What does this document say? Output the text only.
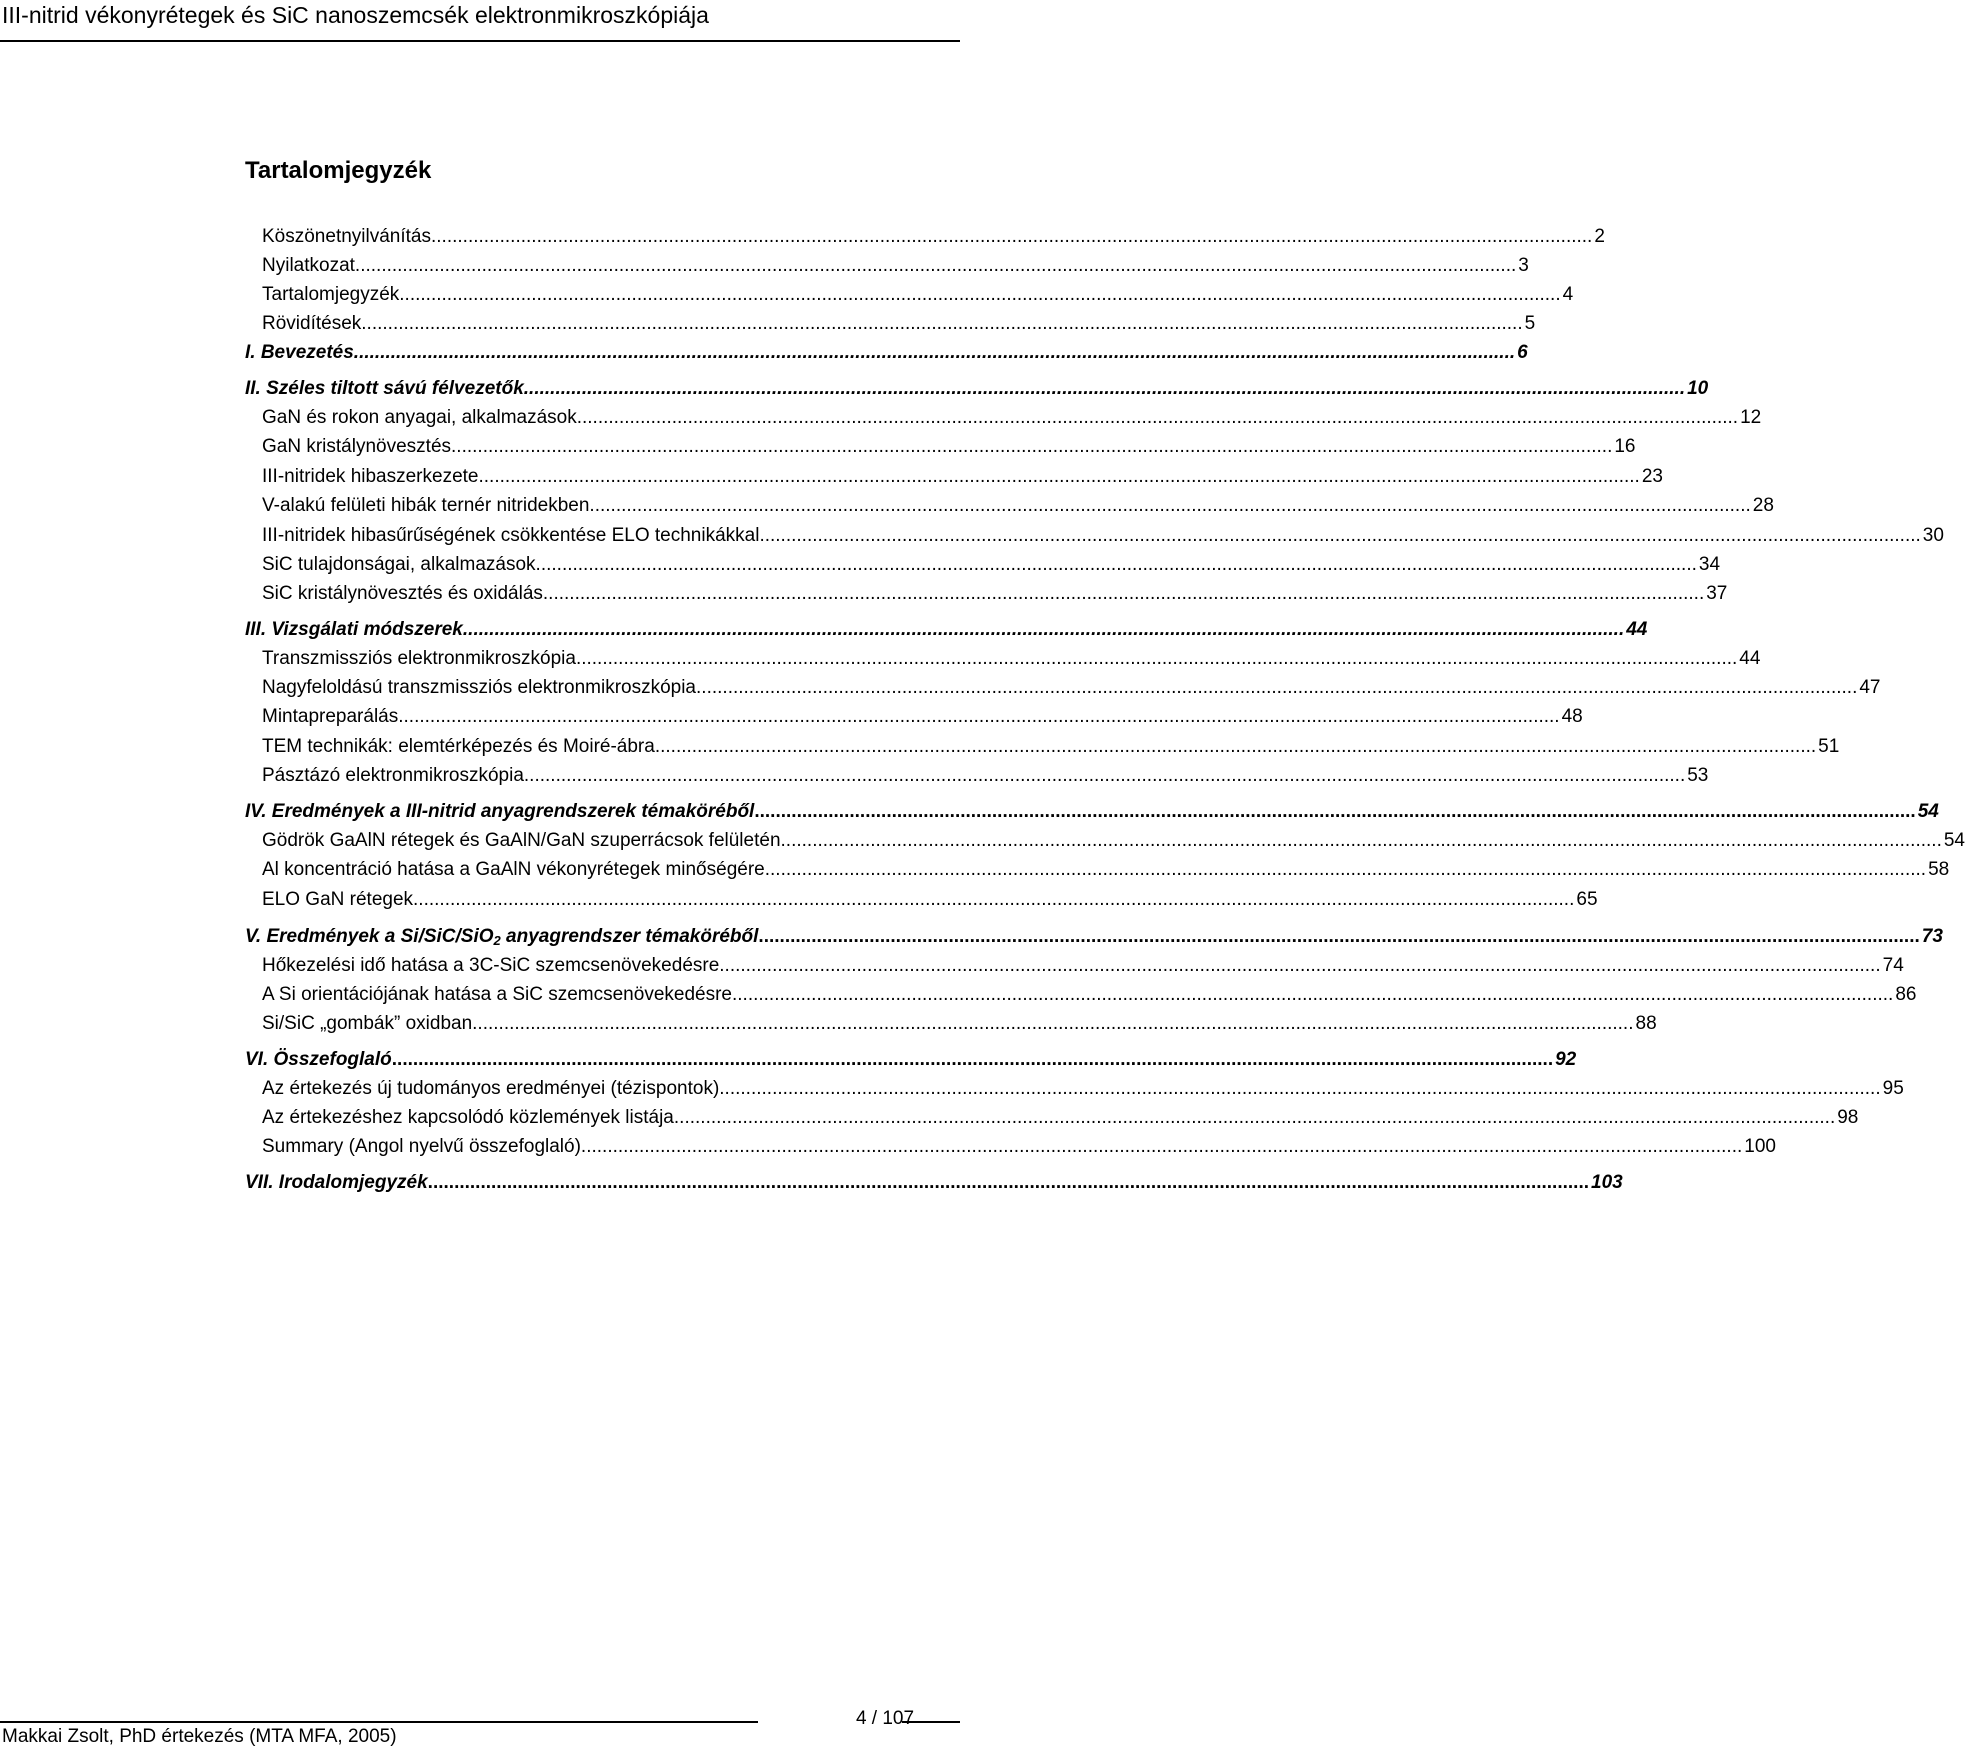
III-nitrid vékonyrétegek és SiC nanoszemcsék elektronmikroszkópiája
Tartalomjegyzék
Köszönetnyilvánítás ............................................................................................................................................................................................................................ 2
Nyilatkozat ............................................................................................................................................................................................................................ 3
Tartalomjegyzék ............................................................................................................................................................................................................................ 4
Rövidítések ............................................................................................................................................................................................................................ 5
I. Bevezetés ............................................................................................................................................................................................................................ 6
II. Széles tiltott sávú félvezetők ............................................................................................................................................................................................................................ 10
GaN és rokon anyagai, alkalmazások ............................................................................................................................................................................................................................ 12
GaN kristálynövesztés ............................................................................................................................................................................................................................ 16
III-nitridek hibaszerkezete ............................................................................................................................................................................................................................ 23
V-alakú felületi hibák ternér nitridekben ............................................................................................................................................................................................................................ 28
III-nitridek hibasűrűségének csökkentése ELO technikákkal ............................................................................................................................................................................................................................ 30
SiC tulajdonságai, alkalmazások ............................................................................................................................................................................................................................ 34
SiC kristálynövesztés és oxidálás ............................................................................................................................................................................................................................ 37
III. Vizsgálati módszerek ............................................................................................................................................................................................................................ 44
Transzmissziós elektronmikroszkópia ............................................................................................................................................................................................................................ 44
Nagyfeloldású transzmissziós elektronmikroszkópia ............................................................................................................................................................................................................................ 47
Mintapreparálás ............................................................................................................................................................................................................................ 48
TEM technikák: elemtérképezés és Moiré-ábra ............................................................................................................................................................................................................................ 51
Pásztázó elektronmikroszkópia ............................................................................................................................................................................................................................ 53
IV. Eredmények a III-nitrid anyagrendszerek témaköréből ............................................................................................................................................................................................................................ 54
Gödrök GaAlN rétegek és GaAlN/GaN szuperrácsok felületén ............................................................................................................................................................................................................................ 54
Al koncentráció hatása a GaAlN vékonyrétegek minőségére ............................................................................................................................................................................................................................ 58
ELO GaN rétegek ............................................................................................................................................................................................................................ 65
V. Eredmények a Si/SiC/SiO$_2$ anyagrendszer témaköréből ............................................................................................................................................................................................................................ 73
Hőkezelési idő hatása a 3C-SiC szemcsenövekedésre ............................................................................................................................................................................................................................ 74
A Si orientációjának hatása a SiC szemcsenövekedésre ............................................................................................................................................................................................................................ 86
Si/SiC „gombák” oxidban ............................................................................................................................................................................................................................ 88
VI. Összefoglaló ............................................................................................................................................................................................................................ 92
Az értekezés új tudományos eredményei (tézispontok) ............................................................................................................................................................................................................................ 95
Az értekezéshez kapcsolódó közlemények listája ............................................................................................................................................................................................................................ 98
Summary (Angol nyelvű összefoglaló) ............................................................................................................................................................................................................................ 100
VII. Irodalomjegyzék ............................................................................................................................................................................................................................ 103
Makkai Zsolt, PhD értekezés (MTA MFA, 2005)
4 / 107
